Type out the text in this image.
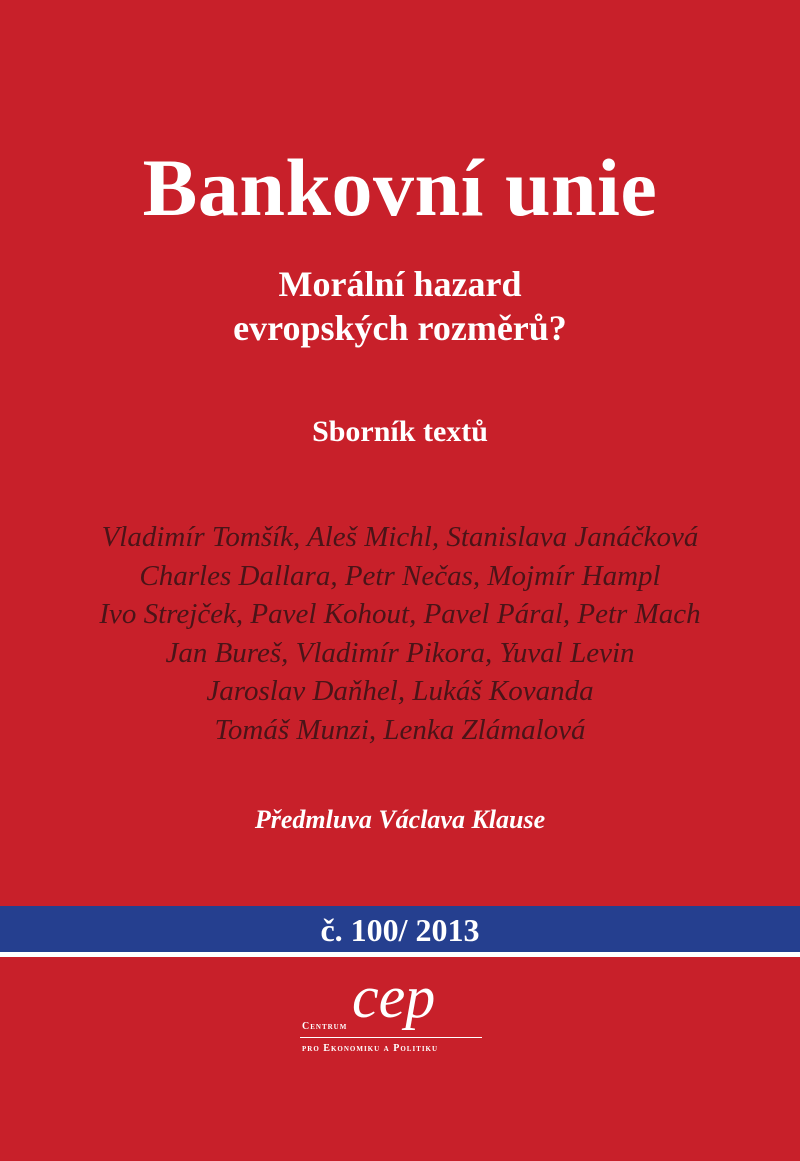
Bankovní unie
Morální hazard
evropských rozměrů?
Sborník textů
Vladimír Tomšík, Aleš Michl, Stanislava Janáčková
Charles Dallara, Petr Nečas, Mojmír Hampl
Ivo Strejček, Pavel Kohout, Pavel Páral, Petr Mach
Jan Bureš, Vladimír Pikora, Yuval Levin
Jaroslav Daňhel, Lukáš Kovanda
Tomáš Munzi, Lenka Zlámalová
Předmluva Václava Klause
č. 100/ 2013
cep
Centrum
pro Ekonomiku a Politiku
